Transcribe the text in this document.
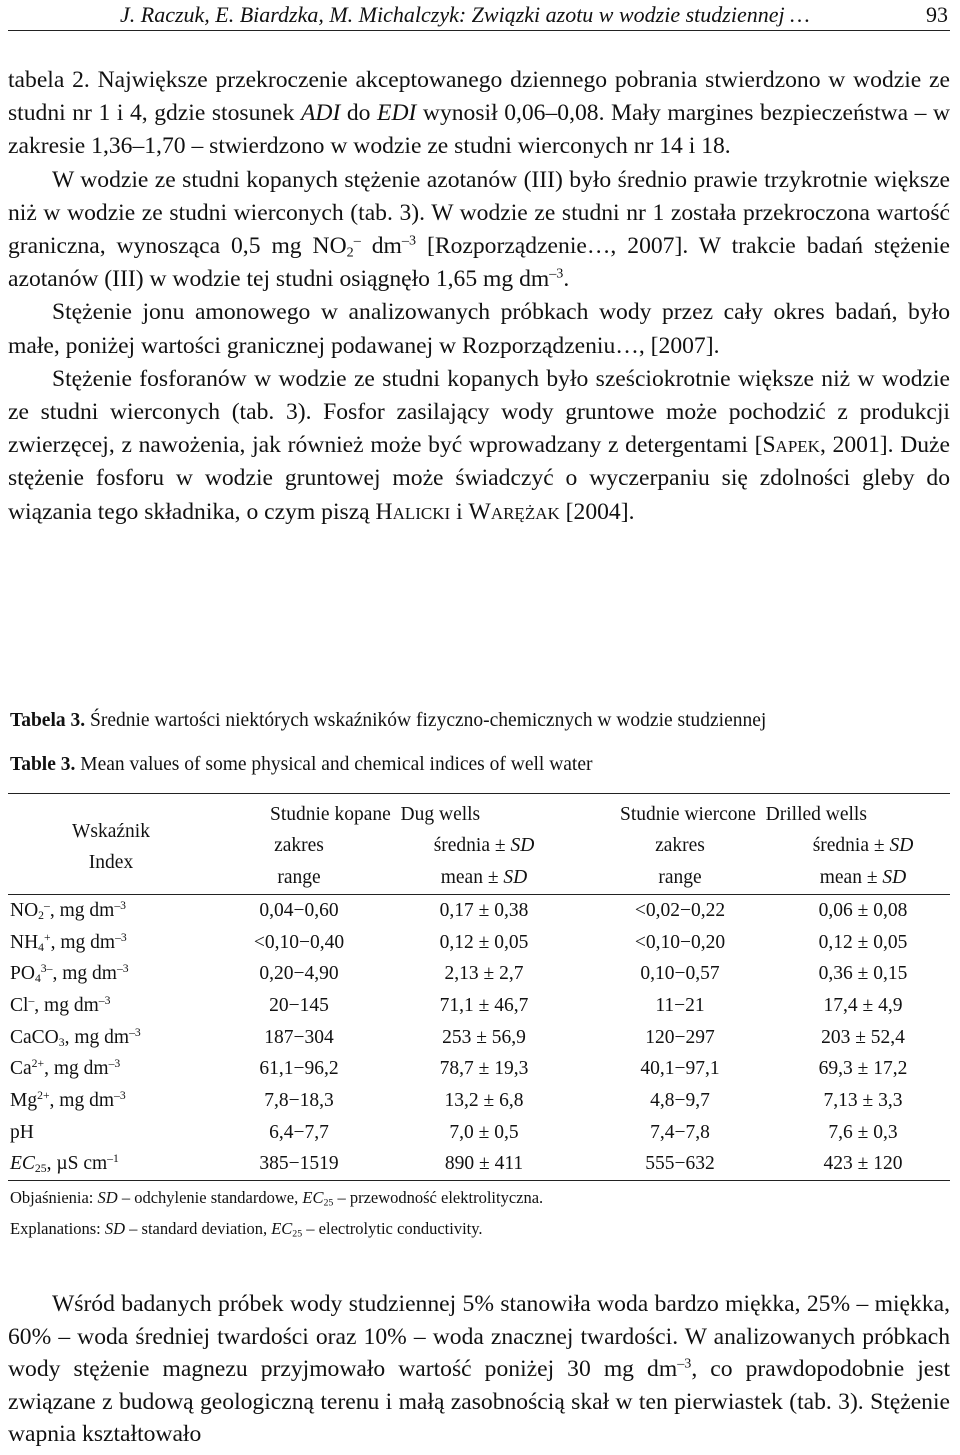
J. Raczuk, E. Biardzka, M. Michalczyk: Związki azotu w wodzie studziennej …	93

tabela 2. Największe przekroczenie akceptowanego dziennego pobrania stwierdzono w wodzie ze studni nr 1 i 4, gdzie stosunek ADI do EDI wynosił 0,06–0,08. Mały margines bezpieczeństwa – w zakresie 1,36–1,70 – stwierdzono w wodzie ze studni wierconych nr 14 i 18.

W wodzie ze studni kopanych stężenie azotanów (III) było średnio prawie trzykrotnie większe niż w wodzie ze studni wierconych (tab. 3). W wodzie ze studni nr 1 została przekroczona wartość graniczna, wynosząca 0,5 mg $NO_2^-$ $dm^{-3}$ [Rozporządzenie…, 2007]. W trakcie badań stężenie azotanów (III) w wodzie tej studni osiągnęło 1,65 mg $dm^{-3}$.

Stężenie jonu amonowego w analizowanych próbkach wody przez cały okres badań, było małe, poniżej wartości granicznej podawanej w Rozporządzeniu…, [2007].

Stężenie fosforanów w wodzie ze studni kopanych było sześciokrotnie większe niż w wodzie ze studni wierconych (tab. 3). Fosfor zasilający wody gruntowe może pochodzić z produkcji zwierzęcej, z nawożenia, jak również może być wprowadzany z detergentami [Sapek, 2001]. Duże stężenie fosforu w wodzie gruntowej może świadczyć o wyczerpaniu się zdolności gleby do wiązania tego składnika, o czym piszą Halicki i Warężak [2004].

Tabela 3. Średnie wartości niektórych wskaźników fizyczno-chemicznych w wodzie studziennej
Table 3. Mean values of some physical and chemical indices of well water
Wskaźnik
Index	Studnie kopane Dug wells		Studnie wiercone Drilled wells	
	zakres	średnia ± SD	zakres	średnia ± SD
	range	mean ± SD	range	mean ± SD
$NO_2^-$, mg $dm^{-3}$	0,04−0,60	0,17 ± 0,38	<0,02−0,22	0,06 ± 0,08
$NH_4^+$, mg $dm^{-3}$	<0,10−0,40	0,12 ± 0,05	<0,10−0,20	0,12 ± 0,05
$PO_4^{3-}$, mg $dm^{-3}$	0,20−4,90	2,13 ± 2,7	0,10−0,57	0,36 ± 0,15
Cl–, mg $dm^{-3}$	20−145	71,1 ± 46,7	11−21	17,4 ± 4,9
CaCO$_3$, mg $dm^{-3}$	187−304	253 ± 56,9	120−297	203 ± 52,4
$Ca^{2+}$, mg $dm^{-3}$	61,1−96,2	78,7 ± 19,3	40,1−97,1	69,3 ± 17,2
$Mg^{2+}$, mg $dm^{-3}$	7,8−18,3	13,2 ± 6,8	4,8−9,7	7,13 ± 3,3
pH	6,4−7,7	7,0 ± 0,5	7,4−7,8	7,6 ± 0,3
$EC_{25}$, µS $cm^{-1}$	385−1519	890 ± 411	555−632	423 ± 120
Objaśnienia: SD – odchylenie standardowe, $EC_{25}$ – przewodność elektrolityczna.
Explanations: SD – standard deviation, $EC_{25}$ – electrolytic conductivity.

Wśród badanych próbek wody studziennej 5% stanowiła woda bardzo miękka, 25% – miękka, 60% – woda średniej twardości oraz 10% – woda znacznej twardości. W analizowanych próbkach wody stężenie magnezu przyjmowało wartość poniżej 30 mg $dm^{-3}$, co prawdopodobnie jest związane z budową geologiczną terenu i małą zasobnością skał w ten pierwiastek (tab. 3). Stężenie wapnia kształtowało
